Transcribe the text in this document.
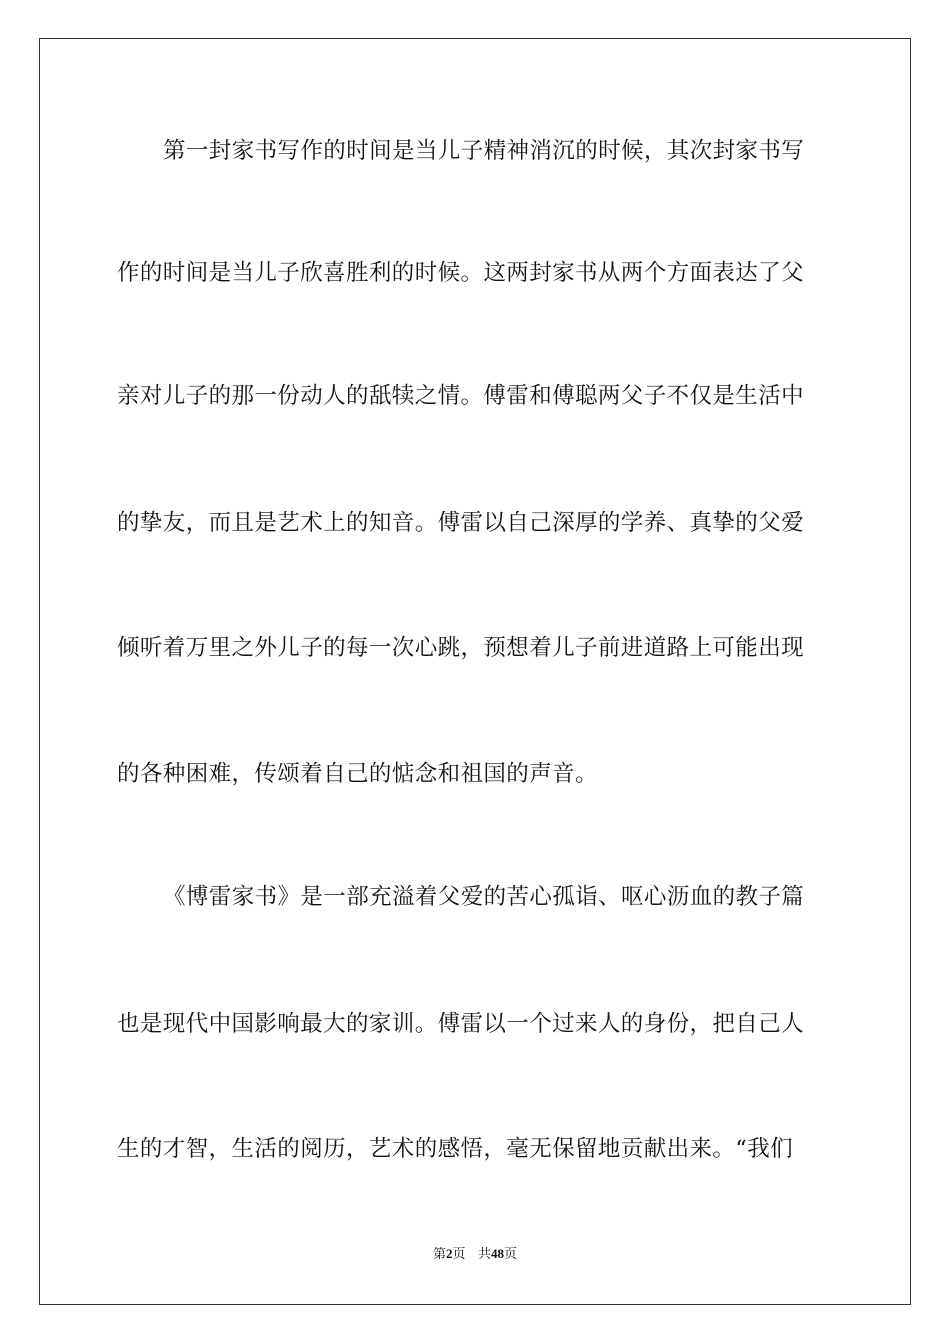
第一封家书写作的时间是当儿子精神消沉的时候，其次封家书写
作的时间是当儿子欣喜胜利的时候。这两封家书从两个方面表达了父
亲对儿子的那一份动人的舐犊之情。傅雷和傅聪两父子不仅是生活中
的挚友，而且是艺术上的知音。傅雷以自己深厚的学养、真挚的父爱
倾听着万里之外儿子的每一次心跳，预想着儿子前进道路上可能出现
的各种困难，传颂着自己的惦念和祖国的声音。
《博雷家书》是一部充溢着父爱的苦心孤诣、呕心沥血的教子篇
也是现代中国影响最大的家训。傅雷以一个过来人的身份，把自己人
生的才智，生活的阅历，艺术的感悟，毫无保留地贡献出来。“我们
第2页 共48页
